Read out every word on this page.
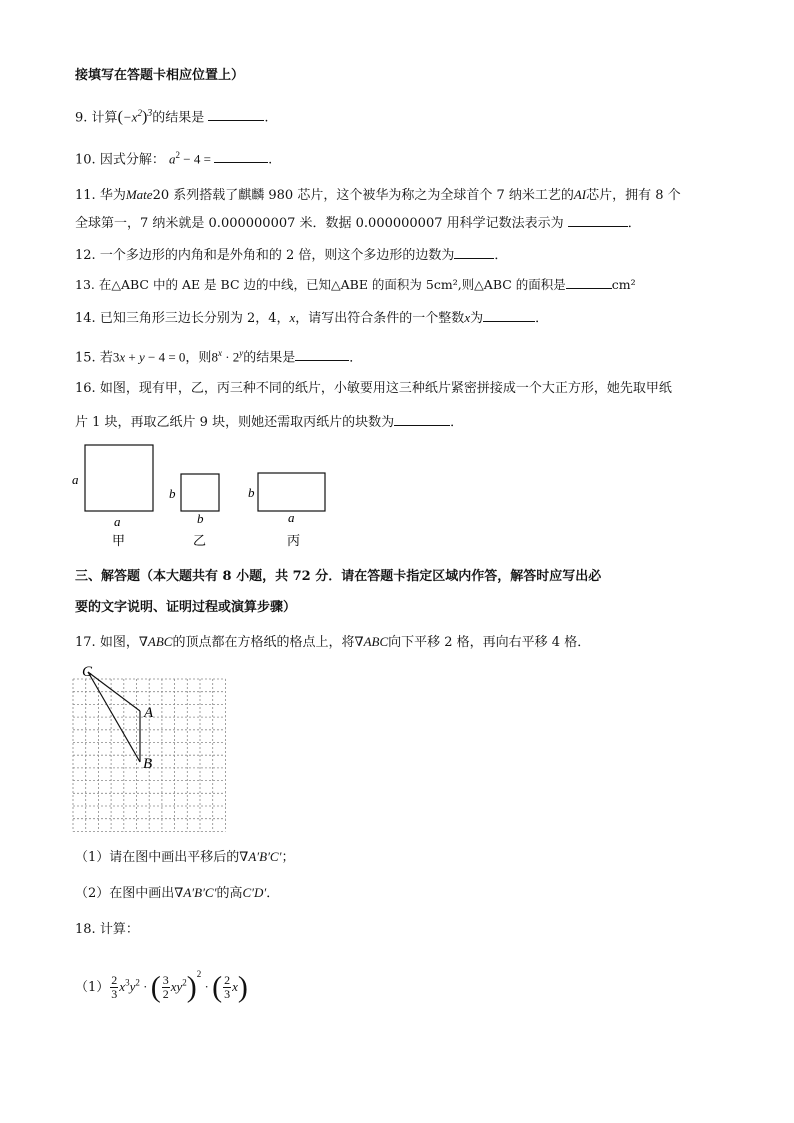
接填写在答题卡相应位置上）
9. 计算$(-x^2)^3$的结果是	.
10. 因式分解： $a^2 - 4$ =	.
11. 华为Mate20 系列搭载了麒麟 980 芯片，这个被华为称之为全球首个 7 纳米工艺的AI芯片，拥有 8 个
全球第一，7 纳米就是 0.000000007 米．数据 0.000000007 用科学记数法表示为	．
12. 一个多边形的内角和是外角和的 2 倍，则这个多边形的边数为	．
13. 在△ABC 中的 AE 是 BC 边的中线，已知△ABE 的面积为 5cm²,则△ABC 的面积是	cm²
14. 已知三角形三边长分别为 2，4，x，请写出符合条件的一个整数x为	．
15. 若3x + y − 4 = 0，则$8^x \cdot 2^y$的结果是	．
16. 如图，现有甲，乙，丙三种不同的纸片，小敏要用这三种纸片紧密拼接成一个大正方形，她先取甲纸
片 1 块，再取乙纸片 9 块，则她还需取丙纸片的块数为	．
a
a
甲
b
b
乙
b
a
丙
三、解答题（本大题共有 8 小题，共 72 分．请在答题卡指定区域内作答，解答时应写出必
要的文字说明、证明过程或演算步骤）
17. 如图，∇ABC的顶点都在方格纸的格点上，将∇ABC向下平移 2 格，再向右平移 4 格．
C
A
B
（1）请在图中画出平移后的∇A′B′C′；
（2）在图中画出∇A′B′C′的高C′D′．
18. 计算：
$(1) \frac{2}{3} x^3y^2$ · ( $\frac{3}{2} xy^2)^2$ · ( $\frac{2}{3} x$)
